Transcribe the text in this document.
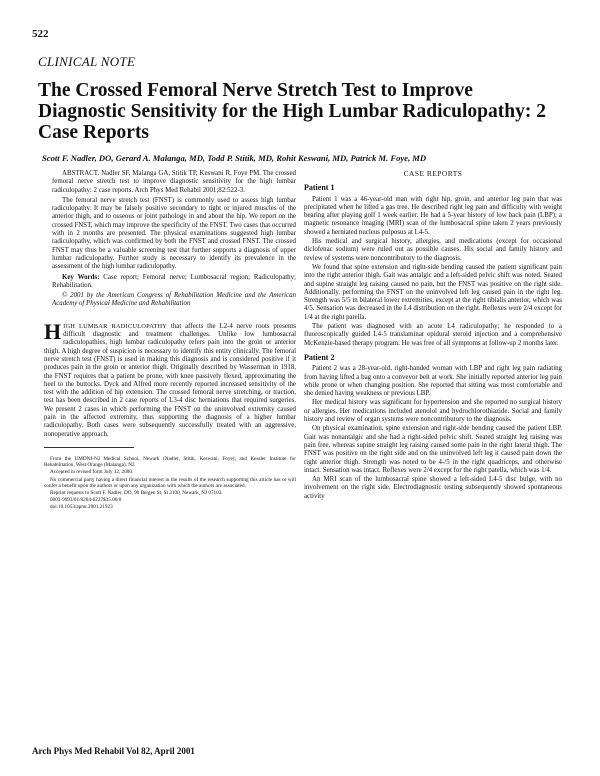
522
CLINICAL NOTE
The Crossed Femoral Nerve Stretch Test to Improve Diagnostic Sensitivity for the High Lumbar Radiculopathy: 2 Case Reports
Scott F. Nadler, DO, Gerard A. Malanga, MD, Todd P. Stitik, MD, Rohit Keswani, MD, Patrick M. Foye, MD

ABSTRACT. Nadler SF, Malanga GA, Stitik TP, Keswani R, Foye PM. The crossed femoral nerve stretch test to improve diagnostic sensitivity for the high lumbar radiculopathy: 2 case reports. Arch Phys Med Rehabil 2001;82:522-3.

The femoral nerve stretch test (FNST) is commonly used to assess high lumbar radiculopathy. It may be falsely positive secondary to tight or injured muscles of the anterior thigh, and to osseous or joint pathology in and about the hip. We report on the crossed FNST, which may improve the specificity of the FNST. Two cases that occurred with in 2 months are presented. The physical examinations suggested high lumbar radiculopathy, which was confirmed by both the FNST and crossed FNST. The crossed FNST may thus be a valuable screening test that further supports a diagnosis of upper lumbar radiculopathy. Further study is necessary to identify its prevalence in the assessment of the high lumbar radiculopathy.

Key Words: Case report; Femoral nerve; Lumbosacral region; Radiculopathy; Rehabilitation.

© 2001 by the American Congress of Rehabilitation Medicine and the American Academy of Physical Medicine and Rehabilitation

HIGH LUMBAR RADICULOPATHY that affects the L2-4 nerve roots presents difficult diagnostic and treatment challenges. Unlike low lumbosacral radiculopathies, high lumbar radiculopathy refers pain into the groin or anterior thigh. A high degree of suspicion is necessary to identify this entity clinically. The femoral nerve stretch test (FNST) is used in making this diagnosis and is considered positive if it produces pain in the groin or anterior thigh. Originally described by Wasserman in 1918, the FNST requires that a patient be prone, with knee passively flexed, approximating the heel to the buttocks. Dyck and Alfred more recently reported increased sensitivity of the test with the addition of hip extension. The crossed femoral nerve stretching, or traction, test has been described in 2 case reports of L3-4 disc herniations that required surgeries. We present 2 cases in which performing the FNST on the uninvolved extremity caused pain in the affected extremity, thus supporting the diagnosis of a higher lumbar radiculopathy. Both cases were subsequently successfully treated with an aggressive, nonoperative approach.

From the UMDNJ-NJ Medical School, Newark (Nadler, Stitik, Keswani, Foye); and Kessler Institute for Rehabilitation, West Orange (Malanga), NJ.

Accepted in revised form July 12, 2000.

No commercial party having a direct financial interest in the results of the research supporting this article has or will confer a benefit upon the authors or upon any organization with which the authors are associated.

Reprint requests to Scott F. Nadler, DO, 90 Bergen St, St 3100, Newark, NJ 07103.

0003-9993/01/8204-6227$35.00/0

doi:10.1053/apmr.2001.21923

CASE REPORTS
Patient 1

Patient 1 was a 46-year-old man with right hip, groin, and anterior leg pain that was precipitated when he lifted a gas tree. He described right leg pain and difficulty with weight bearing after playing golf 1 week earlier. He had a 5-year history of low back pain (LBP); a magnetic resonance imaging (MRI) scan of the lumbosacral spine taken 2 years previously showed a herniated nucleus pulposus at L4-5.

His medical and surgical history, allergies, and medications (except for occasional diclofenac sodium) were ruled out as possible causes. His social and family history and review of systems were noncontributory to the diagnosis.

We found that spine extension and right-side bending caused the patient significant pain into the right anterior thigh. Gait was antalgic and a left-sided pelvic shift was noted. Seated and supine straight leg raising caused no pain, but the FNST was positive on the right side. Additionally, performing the FNST on the uninvolved left leg caused pain in the right leg. Strength was 5/5 in bilateral lower extremities, except at the right tibialis anterior, which was 4/5. Sensation was decreased in the L4 distribution on the right. Reflexes were 2/4 except for 1/4 at the right patella.

The patient was diagnosed with an acute L4 radiculopathy; he responded to a fluoroscopically guided L4-5 translaminar epidural steroid injection and a comprehensive McKenzie-based therapy program. He was free of all symptoms at follow-up 2 months later.

Patient 2

Patient 2 was a 28-year-old, right-handed woman with LBP and right leg pain radiating from having lifted a bag onto a conveyor belt at work. She initially reported anterior leg pain while prone or when changing position. She reported that sitting was most comfortable and she denied having weakness or previous LBP.

Her medical history was significant for hypertension and she reported no surgical history or allergies. Her medications included atenolol and hydrochlorothiazide. Social and family history and review of organ systems were noncontributory to the diagnosis.

On physical examination, spine extension and right-side bending caused the patient LBP. Gait was nonantalgic and she had a right-sided pelvic shift. Seated straight leg raising was pain free, whereas supine straight leg raising caused some pain in the right lateral thigh. The FNST was positive on the right side and on the uninvolved left leg it caused pain down the right anterior thigh. Strength was noted to be 4-/5 in the right quadriceps, and otherwise intact. Sensation was intact. Reflexes were 2/4 except for the right patella, which was 1/4.

An MRI scan of the lumbosacral spine showed a left-sided L4-5 disc bulge, with no involvement on the right side. Electrodiagnostic testing subsequently showed spontaneous activity

Arch Phys Med Rehabil Vol 82, April 2001
